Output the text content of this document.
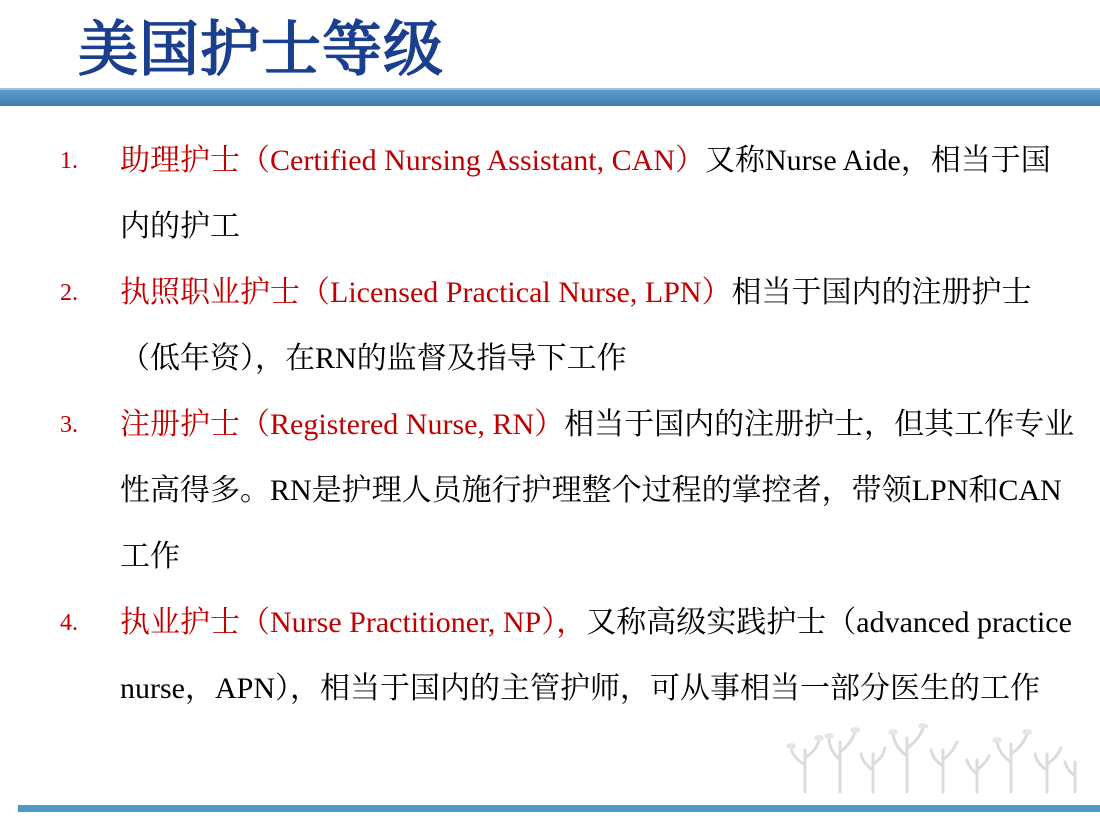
美国护士等级
1. 助理护士（Certified Nursing Assistant, CAN）又称Nurse Aide，相当于国内的护工
2. 执照职业护士（Licensed Practical Nurse, LPN）相当于国内的注册护士（低年资），在RN的监督及指导下工作
3. 注册护士（Registered Nurse, RN）相当于国内的注册护士，但其工作专业性高得多。RN是护理人员施行护理整个过程的掌控者，带领LPN和CAN工作
4. 执业护士（Nurse Practitioner, NP），又称高级实践护士（advanced practice nurse，APN），相当于国内的主管护师，可从事相当一部分医生的工作
